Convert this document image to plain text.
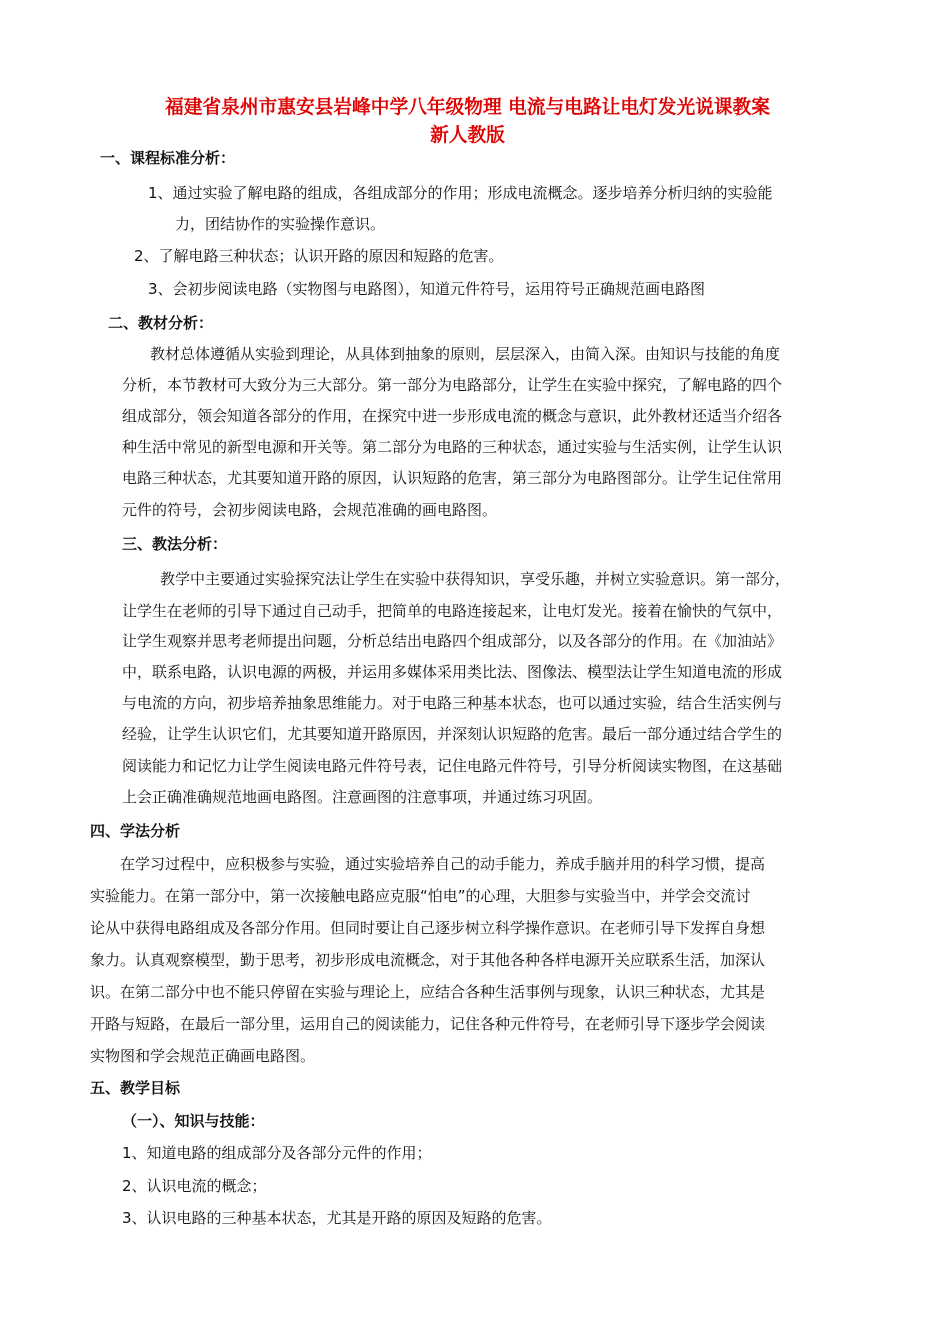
福建省泉州市惠安县岩峰中学八年级物理 电流与电路让电灯发光说课教案
新人教版
一、课程标准分析：
1、通过实验了解电路的组成，各组成部分的作用；形成电流概念。逐步培养分析归纳的实验能
力，团结协作的实验操作意识。
2、了解电路三种状态；认识开路的原因和短路的危害。
3、会初步阅读电路（实物图与电路图），知道元件符号，运用符号正确规范画电路图
二、教材分析：
教材总体遵循从实验到理论，从具体到抽象的原则，层层深入，由简入深。由知识与技能的角度
分析，本节教材可大致分为三大部分。第一部分为电路部分，让学生在实验中探究，了解电路的四个
组成部分，领会知道各部分的作用，在探究中进一步形成电流的概念与意识，此外教材还适当介绍各
种生活中常见的新型电源和开关等。第二部分为电路的三种状态，通过实验与生活实例，让学生认识
电路三种状态，尤其要知道开路的原因，认识短路的危害，第三部分为电路图部分。让学生记住常用
元件的符号，会初步阅读电路，会规范准确的画电路图。
三、教法分析：
教学中主要通过实验探究法让学生在实验中获得知识，享受乐趣，并树立实验意识。第一部分，
让学生在老师的引导下通过自己动手，把简单的电路连接起来，让电灯发光。接着在愉快的气氛中，
让学生观察并思考老师提出问题，分析总结出电路四个组成部分，以及各部分的作用。在《加油站》
中，联系电路，认识电源的两极，并运用多媒体采用类比法、图像法、模型法让学生知道电流的形成
与电流的方向，初步培养抽象思维能力。对于电路三种基本状态，也可以通过实验，结合生活实例与
经验，让学生认识它们，尤其要知道开路原因，并深刻认识短路的危害。最后一部分通过结合学生的
阅读能力和记忆力让学生阅读电路元件符号表，记住电路元件符号，引导分析阅读实物图，在这基础
上会正确准确规范地画电路图。注意画图的注意事项，并通过练习巩固。
四、学法分析
在学习过程中，应积极参与实验，通过实验培养自己的动手能力，养成手脑并用的科学习惯，提高
实验能力。在第一部分中，第一次接触电路应克服“怕电”的心理，大胆参与实验当中，并学会交流讨
论从中获得电路组成及各部分作用。但同时要让自己逐步树立科学操作意识。在老师引导下发挥自身想
象力。认真观察模型，勤于思考，初步形成电流概念，对于其他各种各样电源开关应联系生活，加深认
识。在第二部分中也不能只停留在实验与理论上，应结合各种生活事例与现象，认识三种状态，尤其是
开路与短路，在最后一部分里，运用自己的阅读能力，记住各种元件符号，在老师引导下逐步学会阅读
实物图和学会规范正确画电路图。
五、教学目标
（一）、知识与技能：
1、知道电路的组成部分及各部分元件的作用；
2、认识电流的概念；
3、认识电路的三种基本状态，尤其是开路的原因及短路的危害。
